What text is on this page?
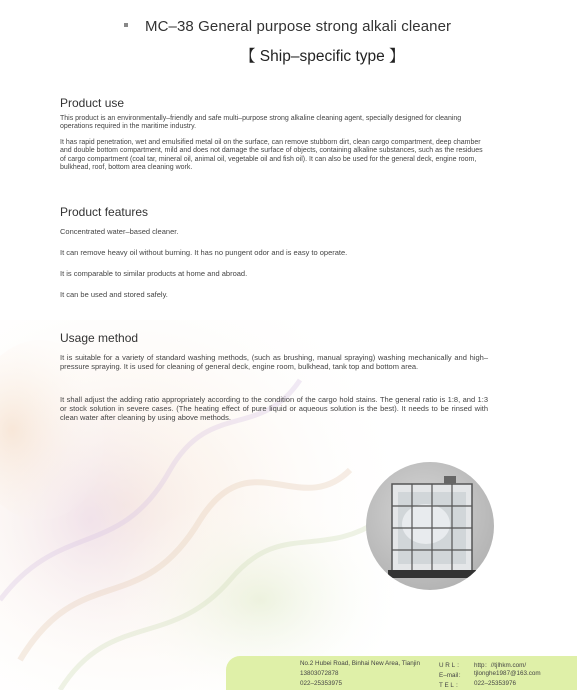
MC–38 General purpose strong alkali cleaner
【 Ship–specific type 】
Product use

This product is an environmentally–friendly and safe multi–purpose strong alkaline cleaning agent, specially designed for cleaning operations required in the maritime industry.

It has rapid penetration, wet and emulsified metal oil on the surface, can remove stubborn dirt, clean cargo compartment, deep chamber and double bottom compartment, mild and does not damage the surface of objects, containing alkaline substances, such as the residues of cargo compartment (coal tar, mineral oil, animal oil, vegetable oil and fish oil). It can also be used for the general deck, engine room, bulkhead, roof, bottom area cleaning work.

Product features

Concentrated water–based cleaner.

It can remove heavy oil without burning. It has no pungent odor and is easy to operate.

It is comparable to similar products at home and abroad.

It can be used and stored safely.

Usage method

It is suitable for a variety of standard washing methods, (such as brushing, manual spraying) washing mechanically and high–pressure spraying. It is used for cleaning of general deck, engine room, bulkhead, tank top and bottom area.

It shall adjust the adding ratio appropriately according to the condition of the cargo hold stains. The general ratio is 1:8, and 1:3 or stock solution in severe cases. (The heating effect of pure liquid or aqueous solution is the best). It needs to be rinsed with clean water after cleaning by using above methods.

No.2 Hubei Road, Binhai New Area, Tianjin
13803072878
022–25353975
U R L ：
E–mail：
T E L ：
http：//tjlhkm.com/
tjlonghe1987@163.com
022–25353976
